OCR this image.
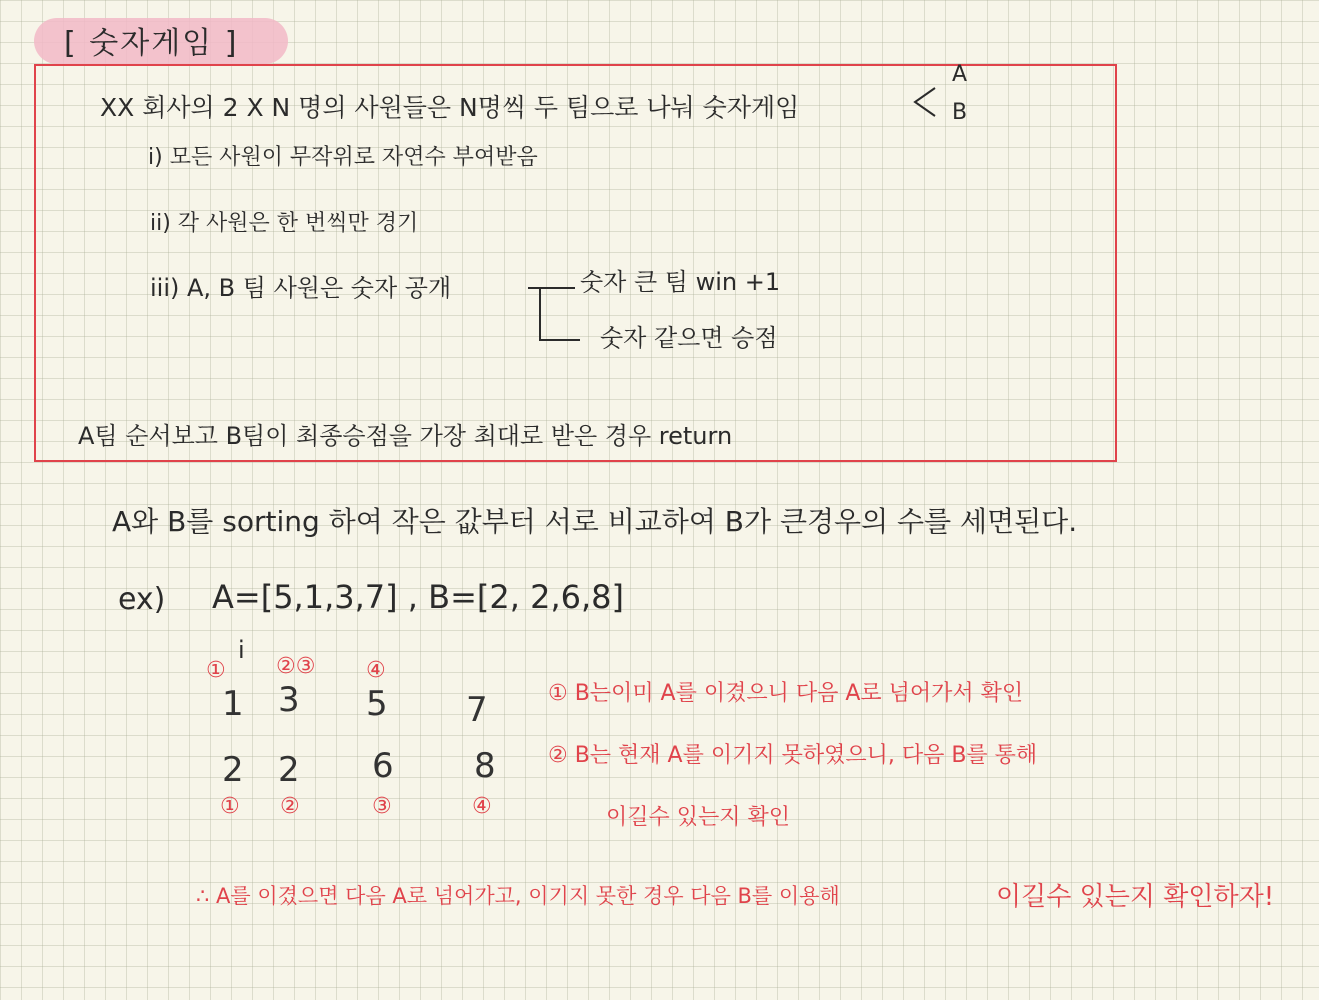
[ 숫자게임 ]
XX 회사의 2 X N 명의 사원들은 N명씩 두 팀으로 나눠 숫자게임
A
B
i) 모든 사원이 무작위로 자연수 부여받음
ii) 각 사원은 한 번씩만 경기
iii) A, B 팀 사원은 숫자 공개	숫자 큰 팀 win +1
숫자 같으면 승점
A팀 순서보고 B팀이 최종승점을 가장 최대로 받은 경우 return
A와 B를 sorting 하여 작은 값부터 서로 비교하여 B가 큰경우의 수를 세면된다.
ex) A=[5,1,3,7] , B=[2, 2,6,8]
i
① ②③ ④
1 3 5 7
2 2 6 8
① ②	③	④
① B는이미 A를 이겼으니 다음 A로 넘어가서 확인
② B는 현재 A를 이기지 못하였으니, 다음 B를 통해
이길수 있는지 확인
∴ A를 이겼으면 다음 A로 넘어가고, 이기지 못한 경우 다음 B를 이용해	이길수 있는지 확인하자!
